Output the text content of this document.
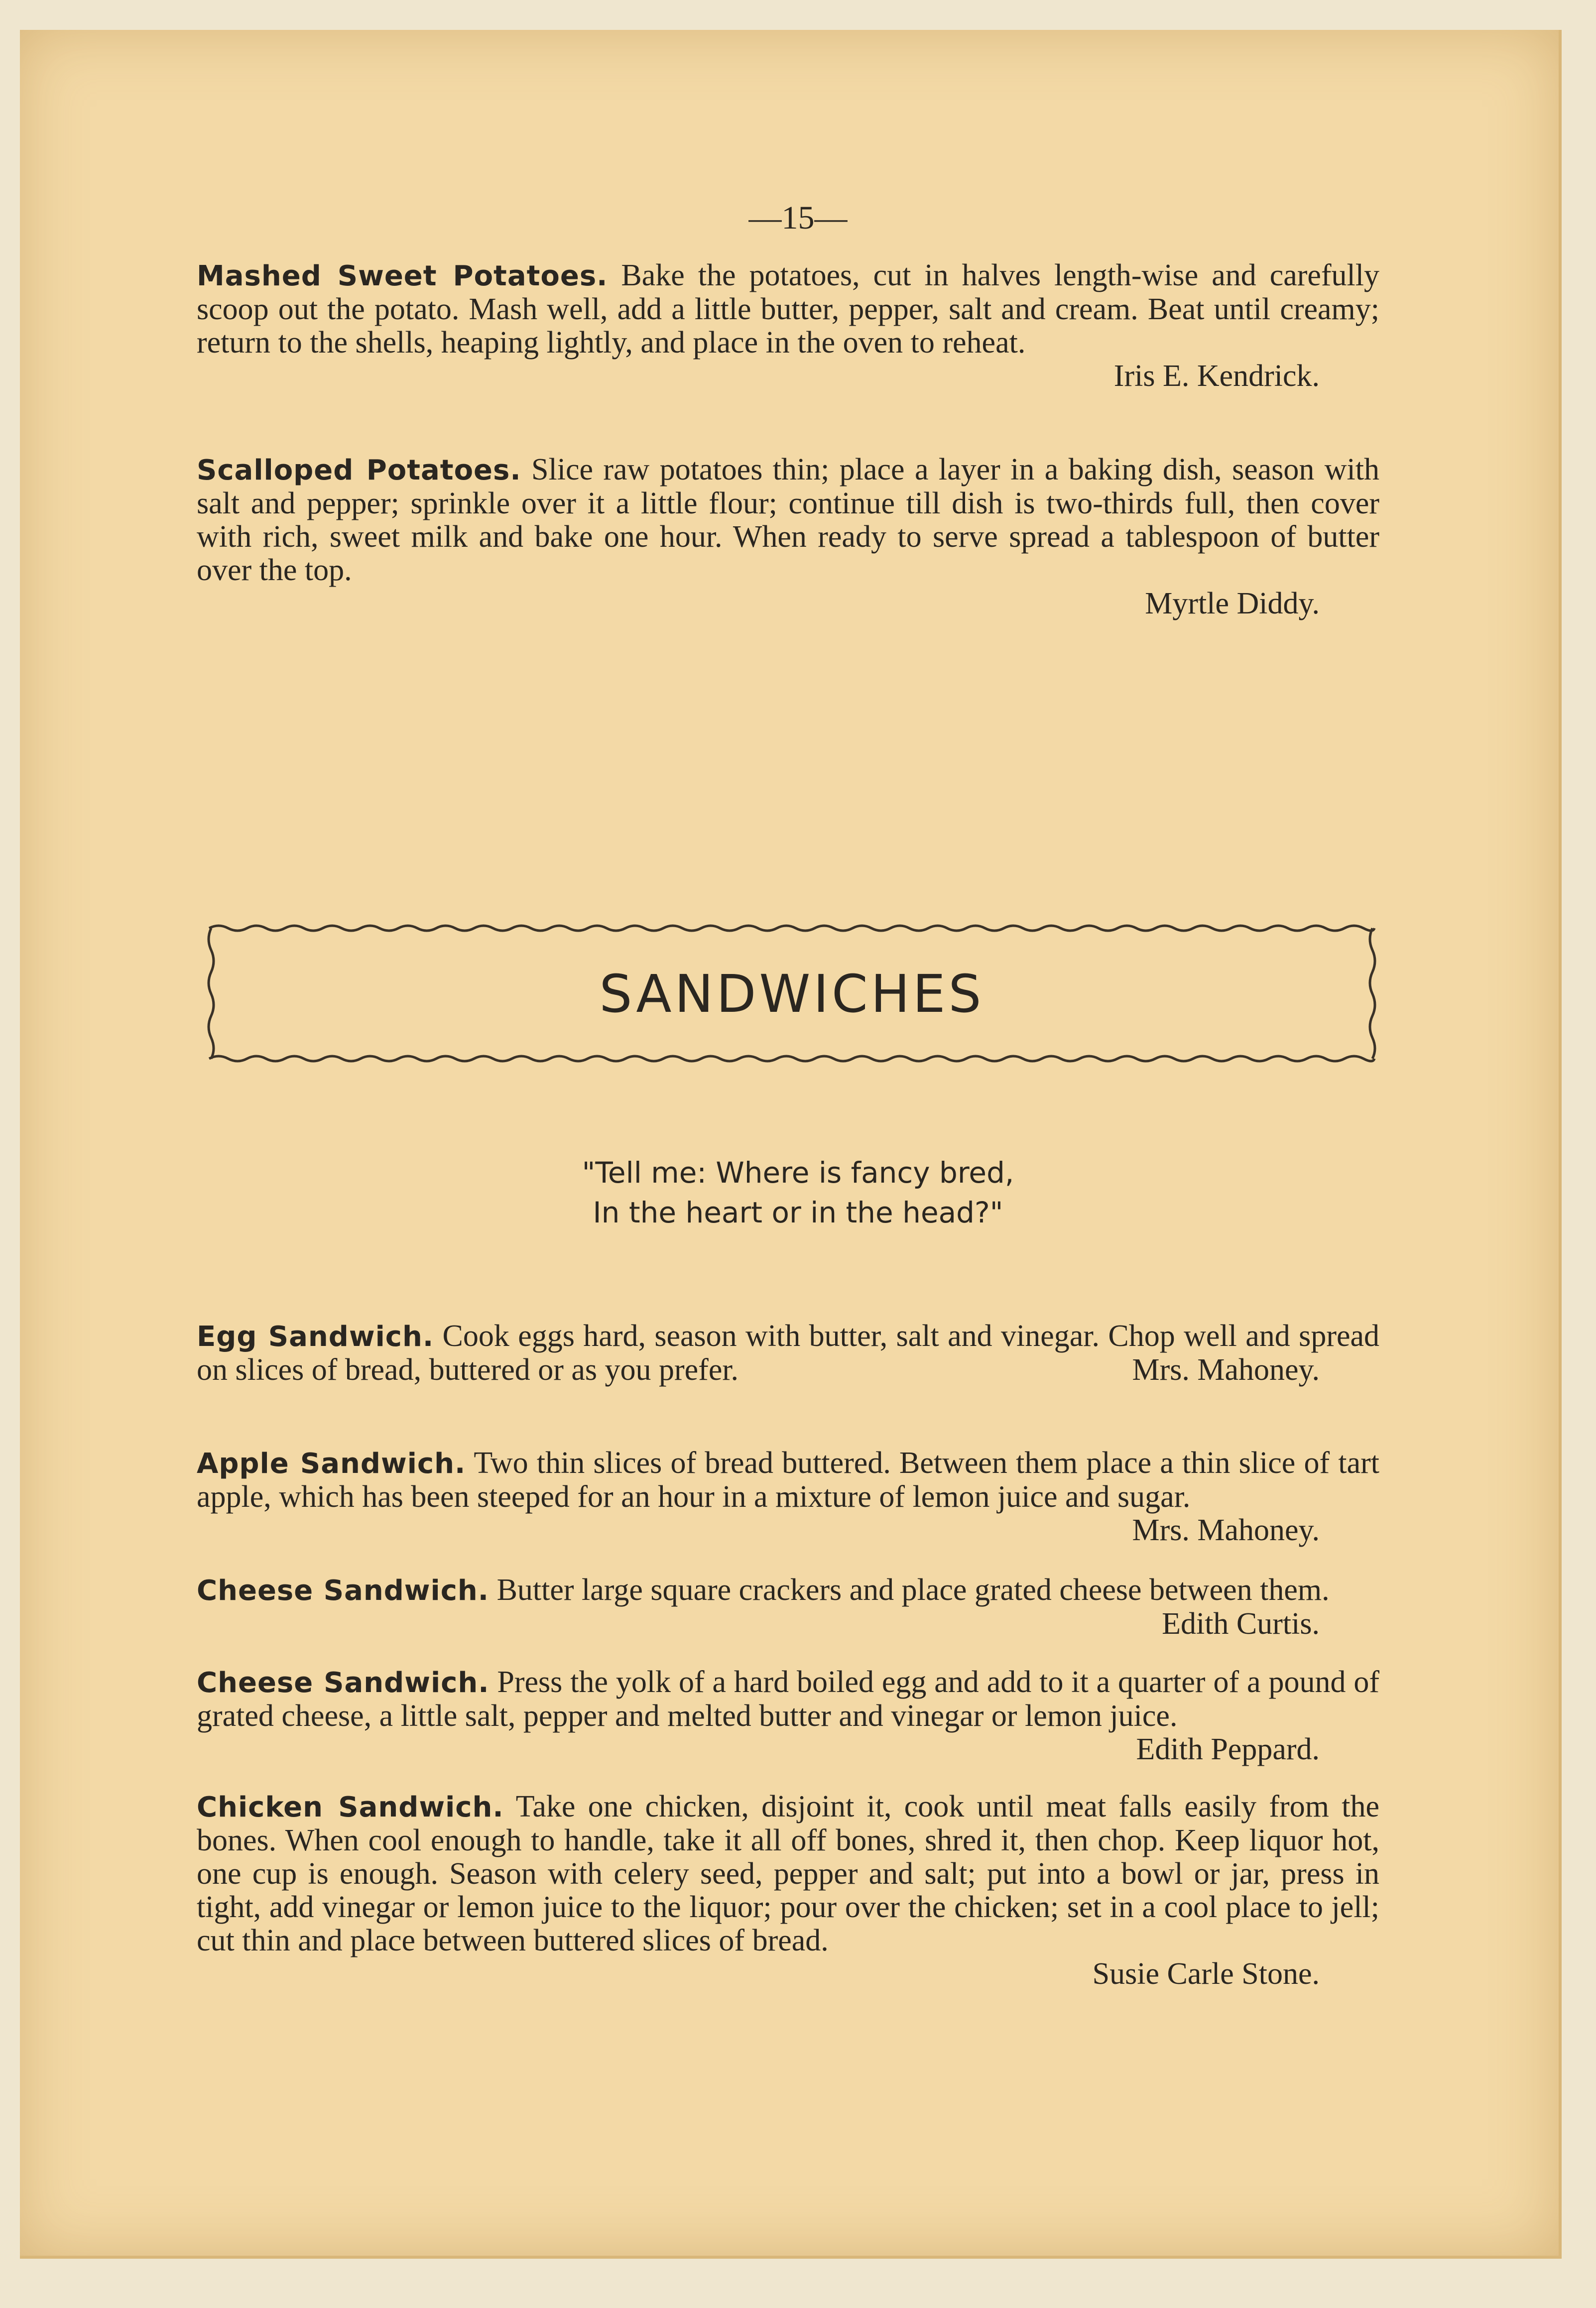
—15—
Mashed Sweet Potatoes. Bake the potatoes, cut in halves length-wise and carefully scoop out the potato. Mash well, add a little butter, pepper, salt and cream. Beat until creamy; return to the shells, heaping lightly, and place in the oven to reheat.
Iris E. Kendrick.
Scalloped Potatoes. Slice raw potatoes thin; place a layer in a baking dish, season with salt and pepper; sprinkle over it a little flour; continue till dish is two-thirds full, then cover with rich, sweet milk and bake one hour. When ready to serve spread a tablespoon of butter over the top.
Myrtle Diddy.
SANDWICHES
"Tell me: Where is fancy bred,
In the heart or in the head?"
Egg Sandwich. Cook eggs hard, season with butter, salt and vinegar. Chop well and spread on slices of bread, buttered or as you prefer.	Mrs. Mahoney.
Apple Sandwich. Two thin slices of bread buttered. Between them place a thin slice of tart apple, which has been steeped for an hour in a mixture of lemon juice and sugar.
Mrs. Mahoney.
Cheese Sandwich. Butter large square crackers and place grated cheese between them.
Edith Curtis.
Cheese Sandwich. Press the yolk of a hard boiled egg and add to it a quarter of a pound of grated cheese, a little salt, pepper and melted butter and vinegar or lemon juice.
Edith Peppard.
Chicken Sandwich. Take one chicken, disjoint it, cook until meat falls easily from the bones. When cool enough to handle, take it all off bones, shred it, then chop. Keep liquor hot, one cup is enough. Season with celery seed, pepper and salt; put into a bowl or jar, press in tight, add vinegar or lemon juice to the liquor; pour over the chicken; set in a cool place to jell; cut thin and place between buttered slices of bread.
Susie Carle Stone.
